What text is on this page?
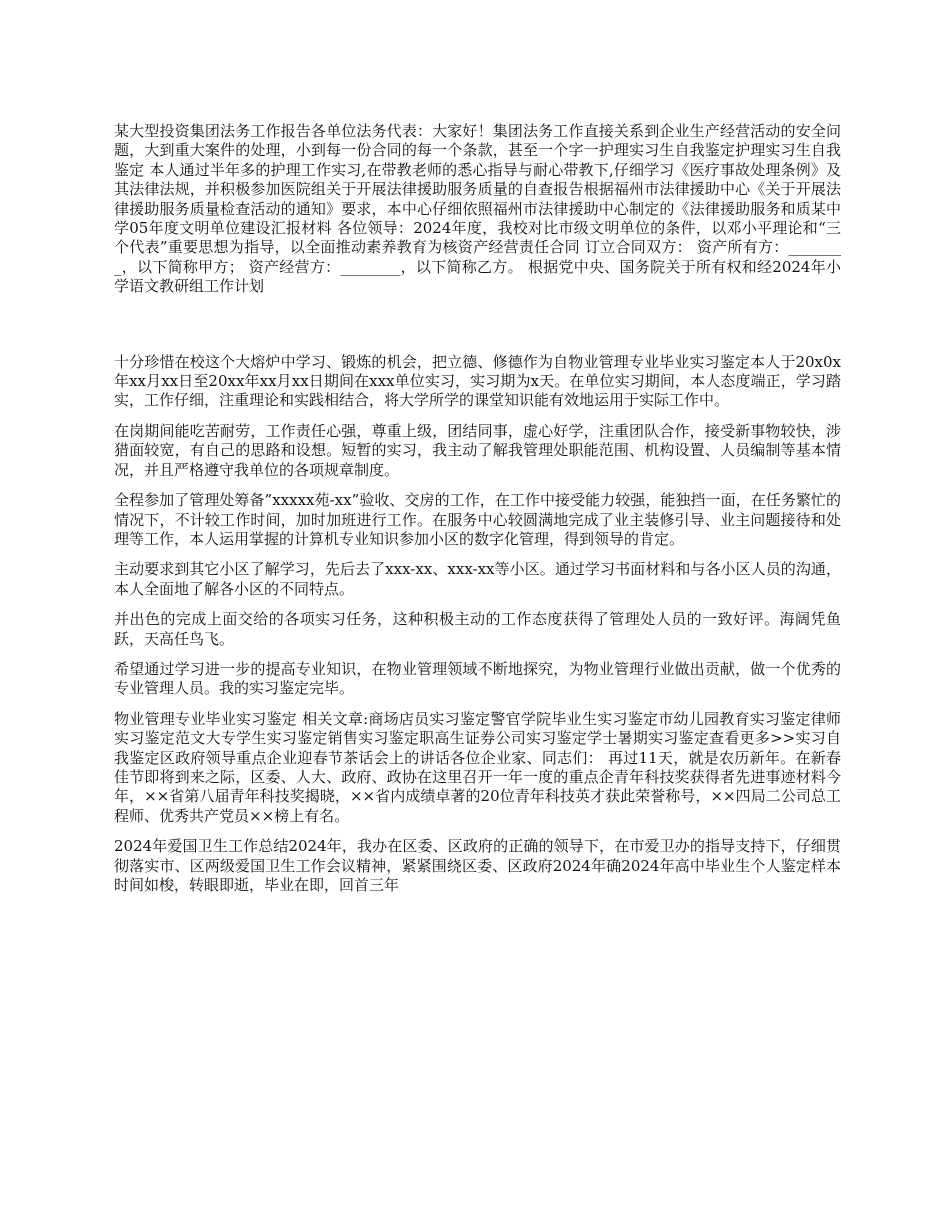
某大型投资集团法务工作报告各单位法务代表：大家好！集团法务工作直接关系到企业生产经营活动的安全问题，大到重大案件的处理，小到每一份合同的每一个条款，甚至一个字一护理实习生自我鉴定护理实习生自我鉴定 本人通过半年多的护理工作实习,在带教老师的悉心指导与耐心带教下,仔细学习《医疗事故处理条例》及其法律法规，并积极参加医院组关于开展法律援助服务质量的自查报告根据福州市法律援助中心《关于开展法律援助服务质量检查活动的通知》要求，本中心仔细依照福州市法律援助中心制定的《法律援助服务和质某中学05年度文明单位建设汇报材料 各位领导：2024年度，我校对比市级文明单位的条件，以邓小平理论和“三个代表”重要思想为指导，以全面推动素养教育为核资产经营责任合同 订立合同双方： 资产所有方：________，以下简称甲方； 资产经营方：________，以下简称乙方。 根据党中央、国务院关于所有权和经2024年小学语文教研组工作计划

十分珍惜在校这个大熔炉中学习、锻炼的机会，把立德、修德作为自物业管理专业毕业实习鉴定本人于20x0x年xx月xx日至20xx年xx月xx日期间在xxx单位实习，实习期为x天。在单位实习期间，本人态度端正，学习踏实，工作仔细，注重理论和实践相结合，将大学所学的课堂知识能有效地运用于实际工作中。

在岗期间能吃苦耐劳，工作责任心强，尊重上级，团结同事，虚心好学，注重团队合作，接受新事物较快，涉猎面较宽，有自己的思路和设想。短暂的实习，我主动了解我管理处职能范围、机构设置、人员编制等基本情况，并且严格遵守我单位的各项规章制度。

全程参加了管理处筹备”xxxxx苑-xx”验收、交房的工作，在工作中接受能力较强，能独挡一面，在任务繁忙的情况下，不计较工作时间，加时加班进行工作。在服务中心较圆满地完成了业主装修引导、业主问题接待和处理等工作，本人运用掌握的计算机专业知识参加小区的数字化管理，得到领导的肯定。

主动要求到其它小区了解学习，先后去了xxx-xx、xxx-xx等小区。通过学习书面材料和与各小区人员的沟通，本人全面地了解各小区的不同特点。

并出色的完成上面交给的各项实习任务，这种积极主动的工作态度获得了管理处人员的一致好评。海阔凭鱼跃，天高任鸟飞。

希望通过学习进一步的提高专业知识，在物业管理领域不断地探究，为物业管理行业做出贡献，做一个优秀的专业管理人员。我的实习鉴定完毕。

物业管理专业毕业实习鉴定 相关文章:商场店员实习鉴定警官学院毕业生实习鉴定市幼儿园教育实习鉴定律师实习鉴定范文大专学生实习鉴定销售实习鉴定职高生证券公司实习鉴定学士暑期实习鉴定查看更多>>实习自我鉴定区政府领导重点企业迎春节茶话会上的讲话各位企业家、同志们： 再过11天，就是农历新年。在新春佳节即将到来之际，区委、人大、政府、政协在这里召开一年一度的重点企青年科技奖获得者先进事迹材料今年，××省第八届青年科技奖揭晓，××省内成绩卓著的20位青年科技英才获此荣誉称号，××四局二公司总工程师、优秀共产党员××榜上有名。

2024年爱国卫生工作总结2024年，我办在区委、区政府的正确的领导下，在市爱卫办的指导支持下，仔细贯彻落实市、区两级爱国卫生工作会议精神，紧紧围绕区委、区政府2024年确2024年高中毕业生个人鉴定样本 时间如梭，转眼即逝，毕业在即，回首三年
